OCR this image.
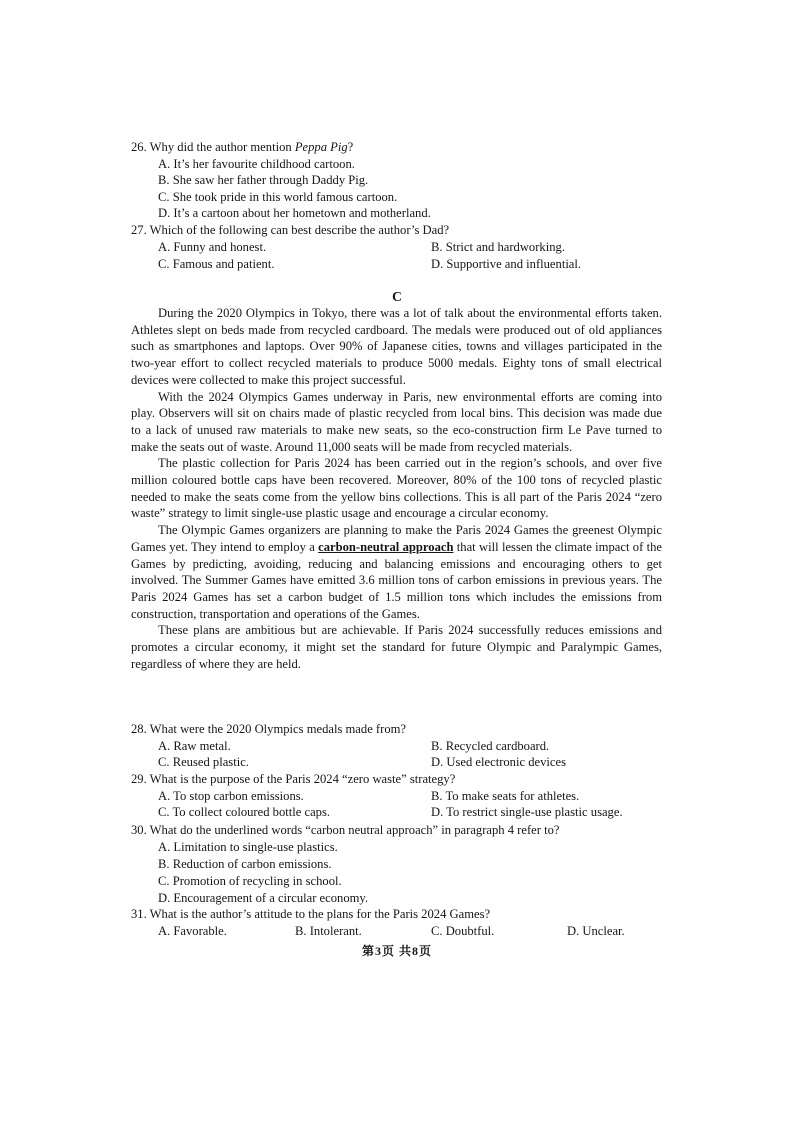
26. Why did the author mention Peppa Pig?
A. It’s her favourite childhood cartoon.
B. She saw her father through Daddy Pig.
C. She took pride in this world famous cartoon.
D. It’s a cartoon about her hometown and motherland.
27. Which of the following can best describe the author’s Dad?
A. Funny and honest.	B. Strict and hardworking.
C. Famous and patient.	D. Supportive and influential.
C

During the 2020 Olympics in Tokyo, there was a lot of talk about the environmental efforts taken. Athletes slept on beds made from recycled cardboard. The medals were produced out of old appliances such as smartphones and laptops. Over 90% of Japanese cities, towns and villages participated in the two-year effort to collect recycled materials to produce 5000 medals. Eighty tons of small electrical devices were collected to make this project successful.

With the 2024 Olympics Games underway in Paris, new environmental efforts are coming into play. Observers will sit on chairs made of plastic recycled from local bins. This decision was made due to a lack of unused raw materials to make new seats, so the eco-construction firm Le Pave turned to make the seats out of waste. Around 11,000 seats will be made from recycled materials.

The plastic collection for Paris 2024 has been carried out in the region’s schools, and over five million coloured bottle caps have been recovered. Moreover, 80% of the 100 tons of recycled plastic needed to make the seats come from the yellow bins collections. This is all part of the Paris 2024 “zero waste” strategy to limit single-use plastic usage and encourage a circular economy.

The Olympic Games organizers are planning to make the Paris 2024 Games the greenest Olympic Games yet. They intend to employ a carbon-neutral approach that will lessen the climate impact of the Games by predicting, avoiding, reducing and balancing emissions and encouraging others to get involved. The Summer Games have emitted 3.6 million tons of carbon emissions in previous years. The Paris 2024 Games has set a carbon budget of 1.5 million tons which includes the emissions from construction, transportation and operations of the Games.

These plans are ambitious but are achievable. If Paris 2024 successfully reduces emissions and promotes a circular economy, it might set the standard for future Olympic and Paralympic Games, regardless of where they are held.

28. What were the 2020 Olympics medals made from?
A. Raw metal.	B. Recycled cardboard.
C. Reused plastic.	D. Used electronic devices
29. What is the purpose of the Paris 2024 “zero waste” strategy?
A. To stop carbon emissions.	B. To make seats for athletes.
C. To collect coloured bottle caps.	D. To restrict single-use plastic usage.
30. What do the underlined words “carbon neutral approach” in paragraph 4 refer to?
A. Limitation to single-use plastics.
B. Reduction of carbon emissions.
C. Promotion of recycling in school.
D. Encouragement of a circular economy.
31. What is the author’s attitude to the plans for the Paris 2024 Games?
A. Favorable.	B. Intolerant.	C. Doubtful.	D. Unclear.
第3页 共8页
